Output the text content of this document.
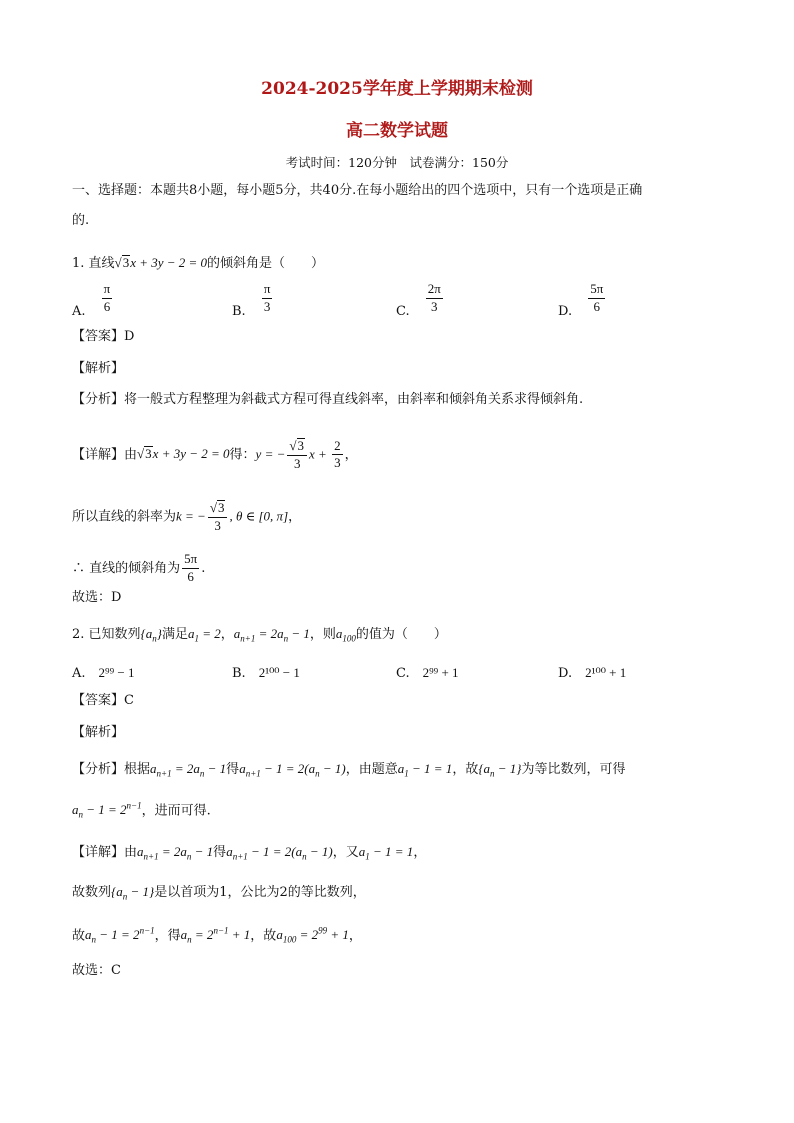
2024-2025学年度上学期期末检测
高二数学试题
考试时间：120分钟　试卷满分：150分
一、选择题：本题共8小题，每小题5分，共40分.在每小题给出的四个选项中，只有一个选项是正确
的.
1. 直线√3x + 3y − 2 = 0的倾斜角是（　　）
A. $\frac{\pi}{6}$	B. $\frac{\pi}{3}$	C. $\frac{2\pi}{3}$	D. $\frac{5\pi}{6}$
【答案】D
【解析】
【分析】将一般式方程整理为斜截式方程可得直线斜率，由斜率和倾斜角关系求得倾斜角.
【详解】由√3x + 3y − 2 = 0得：y = − $\frac{√3}{3}$ $x + \frac{2}{3}$ ，
所以直线的斜率为k = − $\frac{√3}{3}$ , θ ∈ [0, π]，
∴ 直线的倾斜角为 $\frac{5\pi}{6}$ .
故选：D
2. 已知数列$\{a_n\}$满足$a_1 = 2$，$a_{n+1} = 2a_n - 1$，则$a_{100}$的值为（　　）
A.　 2⁹⁹ − 1	B.　 2¹⁰⁰ − 1	C.　 2⁹⁹ + 1	D.　 2¹⁰⁰ + 1
【答案】C
【解析】
【分析】根据$a_{n+1} = 2a_n - 1$得$a_{n+1} - 1 = 2(a_n - 1)$，由题意$a_1 - 1 = 1$，故$\{a_n - 1\}$为等比数列，可得
$a_n - 1 = 2^{n-1}$，进而可得.
【详解】由$a_{n+1} = 2a_n - 1$得$a_{n+1} - 1 = 2(a_n - 1)$，又$a_1 - 1 = 1$，
故数列$\{a_n - 1\}$是以首项为1，公比为2的等比数列，
故$a_n - 1 = 2^{n-1}$，得$a_n = 2^{n-1} + 1$，故$a_{100} = 2^{99} + 1$，
故选：C
